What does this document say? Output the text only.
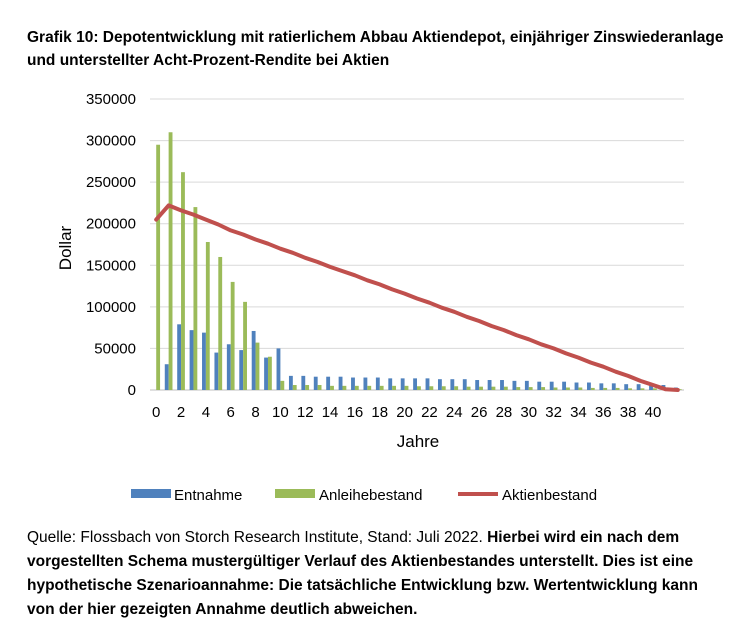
Grafik 10: Depotentwicklung mit ratierlichem Abbau Aktiendepot, einjähriger Zinswiederanlage und unterstellter Acht-Prozent-Rendite bei Aktien
0
50000
100000
150000
200000
250000
300000
350000
0 2 4 6 8 10 12 14 16 18 20 22 24 26 28 30 32 34 36 38 40
Dollar
Jahre
Entnahme	Anleihebestand	Aktienbestand
Quelle: Flossbach von Storch Research Institute, Stand: Juli 2022. Hierbei wird ein nach dem vorgestellten Schema mustergültiger Verlauf des Aktienbestandes unterstellt. Dies ist eine hypothetische Szenarioannahme: Die tatsächliche Entwicklung bzw. Wertentwicklung kann von der hier gezeigten Annahme deutlich abweichen.
